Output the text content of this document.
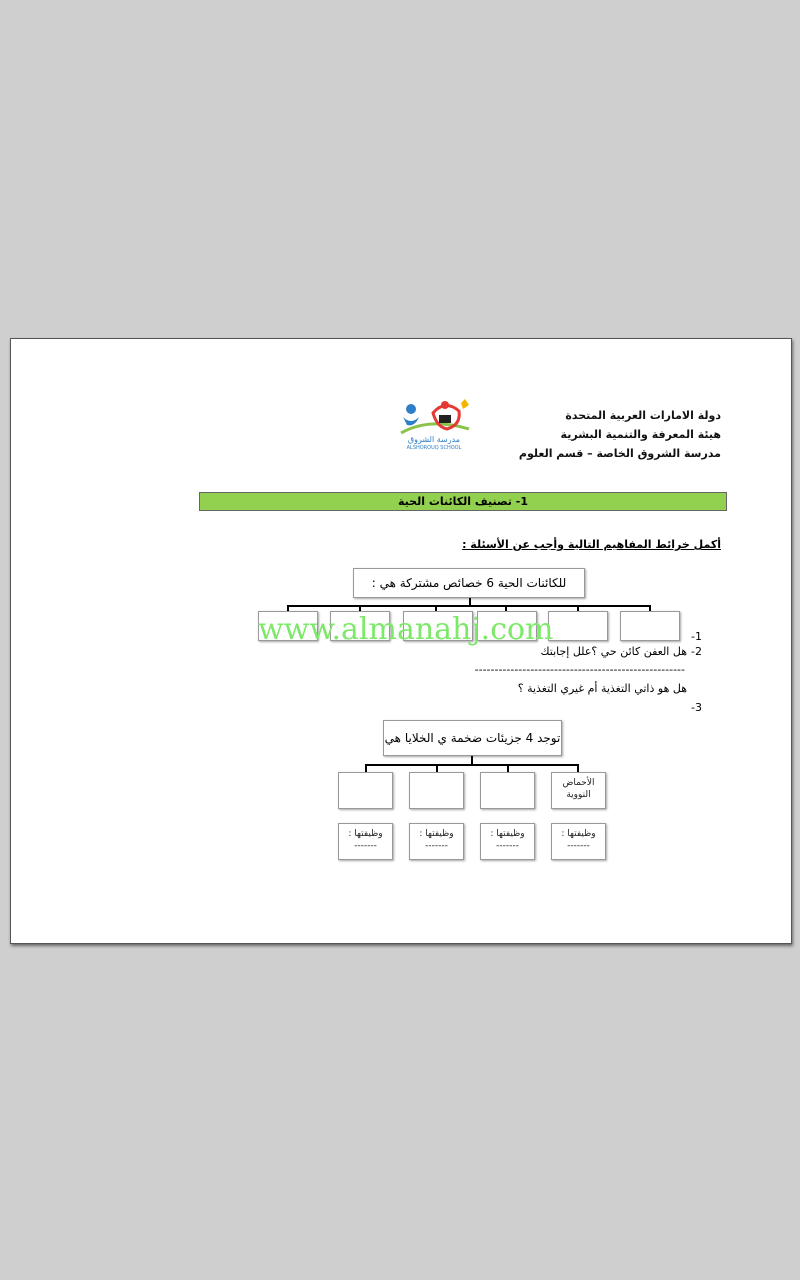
دولة الامارات العربية المتحدة
هيئة المعرفة والتنمية البشرية
مدرسة الشروق الخاصة – قسم العلوم
مدرسة الشروق
ALSHOROUQ SCHOOL
1- تصنيف الكائنات الحية
أكمل خرائط المفاهيم التالية وأجب عن الأسئلة :
للكائنات الحية 6 خصائص مشتركة هي :
www.almanahj.com	-1
-2
هل العفن كائن حي ؟علل إجابتك
-----------------------------------------------------
هل هو ذاتي التغذية أم غيري التغذية ؟
-3
توجد 4 جزيئات ضخمة ي الخلايا هي
الأحماض النووية
وظيفتها :
-------
وظيفتها :
-------
وظيفتها :
-------
وظيفتها :
-------
